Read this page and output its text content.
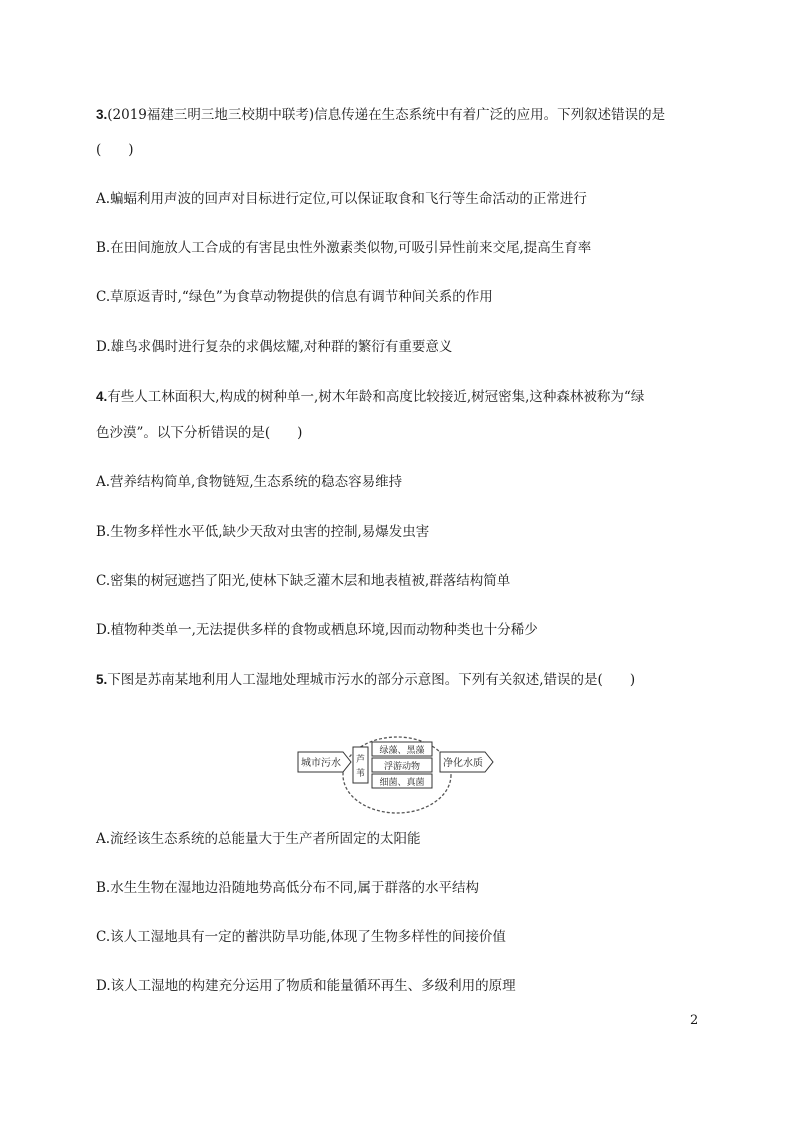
3.(2019福建三明三地三校期中联考)信息传递在生态系统中有着广泛的应用。下列叙述错误的是
(　　)
A.蝙蝠利用声波的回声对目标进行定位,可以保证取食和飞行等生命活动的正常进行
B.在田间施放人工合成的有害昆虫性外激素类似物,可吸引异性前来交尾,提高生育率
C.草原返青时,“绿色”为食草动物提供的信息有调节种间关系的作用
D.雄鸟求偶时进行复杂的求偶炫耀,对种群的繁衍有重要意义
4.有些人工林面积大,构成的树种单一,树木年龄和高度比较接近,树冠密集,这种森林被称为“绿
色沙漠”。以下分析错误的是(　　)
A.营养结构简单,食物链短,生态系统的稳态容易维持
B.生物多样性水平低,缺少天敌对虫害的控制,易爆发虫害
C.密集的树冠遮挡了阳光,使林下缺乏灌木层和地表植被,群落结构简单
D.植物种类单一,无法提供多样的食物或栖息环境,因而动物种类也十分稀少
5.下图是苏南某地利用人工湿地处理城市污水的部分示意图。下列有关叙述,错误的是(　　)
城市污水 芦
苇
绿藻、黑藻
浮游动物
细菌、真菌
净化水质
A.流经该生态系统的总能量大于生产者所固定的太阳能
B.水生生物在湿地边沿随地势高低分布不同,属于群落的水平结构
C.该人工湿地具有一定的蓄洪防旱功能,体现了生物多样性的间接价值
D.该人工湿地的构建充分运用了物质和能量循环再生、多级利用的原理
2
